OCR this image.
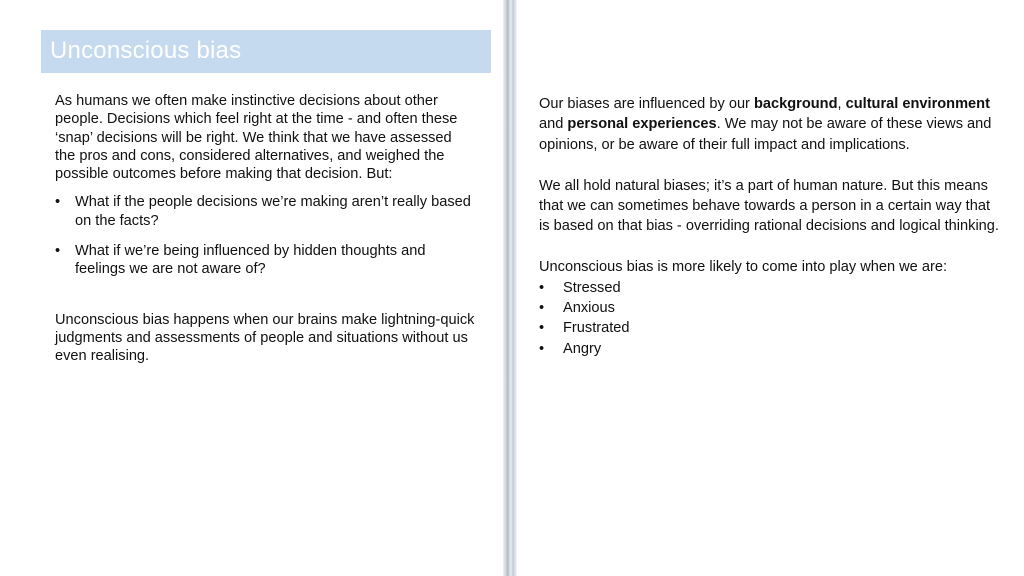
Unconscious bias

As humans we often make instinctive decisions about other people. Decisions which feel right at the time - and often these ‘snap’ decisions will be right. We think that we have assessed the pros and cons, considered alternatives, and weighed the possible outcomes before making that decision. But:

• What if the people decisions we’re making aren’t really based on the facts?
• What if we’re being influenced by hidden thoughts and feelings we are not aware of?

Unconscious bias happens when our brains make lightning-quick judgments and assessments of people and situations without us even realising.

Our biases are influenced by our background, cultural environment and personal experiences. We may not be aware of these views and opinions, or be aware of their full impact and implications.

We all hold natural biases; it’s a part of human nature. But this means that we can sometimes behave towards a person in a certain way that is based on that bias - overriding rational decisions and logical thinking.

Unconscious bias is more likely to come into play when we are:

• Stressed
• Anxious
• Frustrated
• Angry
